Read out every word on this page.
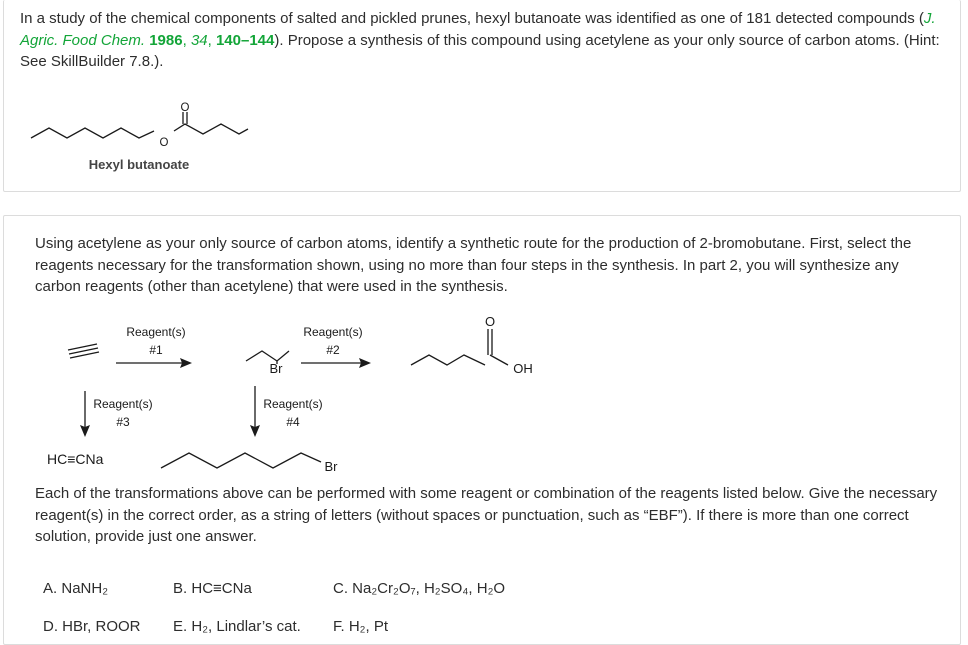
In a study of the chemical components of salted and pickled prunes, hexyl butanoate was identified as one of 181 detected compounds (J. Agric. Food Chem. 1986, 34, 140–144). Propose a synthesis of this compound using acetylene as your only source of carbon atoms. (Hint: See SkillBuilder 7.8.).
O
O
Hexyl butanoate
Using acetylene as your only source of carbon atoms, identify a synthetic route for the production of 2-bromobutane. First, select the reagents necessary for the transformation shown, using no more than four steps in the synthesis. In part 2, you will synthesize any carbon reagents (other than acetylene) that were used in the synthesis.
Reagent(s)
#1
Reagent(s)
#2
Reagent(s)
#3
Reagent(s)
#4
Br
O
OH
HC≡CNa	Br
Each of the transformations above can be performed with some reagent or combination of the reagents listed below. Give the necessary reagent(s) in the correct order, as a string of letters (without spaces or punctuation, such as “EBF”). If there is more than one correct solution, provide just one answer.
A. NaNH₂	B. HC≡CNa	C. Na₂Cr₂O₇, H₂SO₄, H₂O
D. HBr, ROOR E. H₂, Lindlar’s cat. F. H₂, Pt
